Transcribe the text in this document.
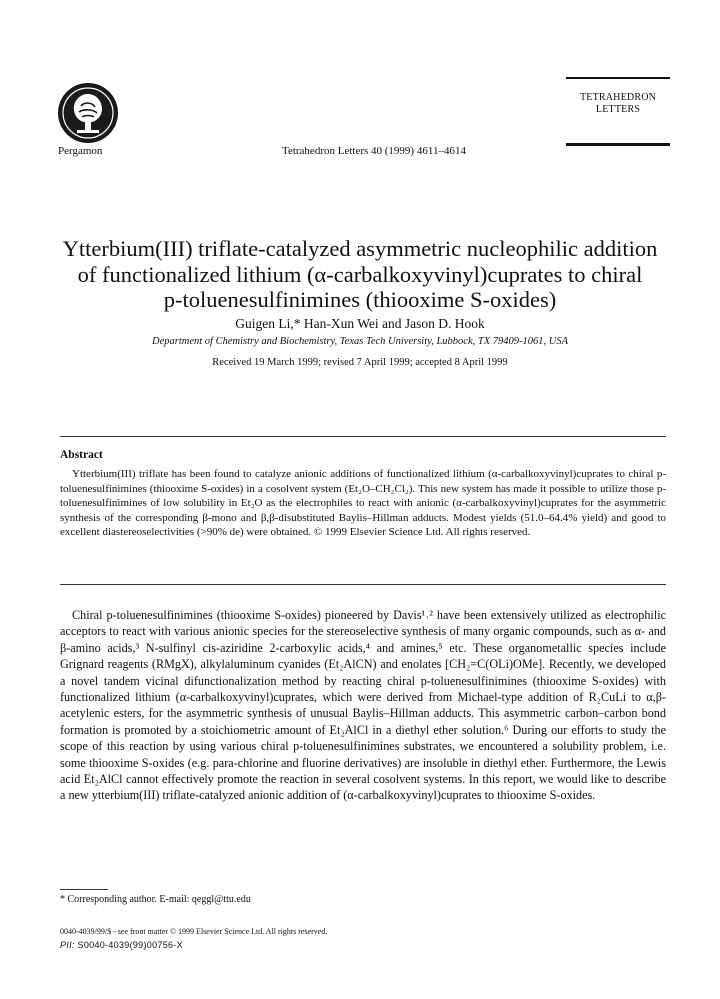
Pergamon	Tetrahedron Letters 40 (1999) 4611–4614
TETRAHEDRON
LETTERS
Ytterbium(III) triflate-catalyzed asymmetric nucleophilic addition
of functionalized lithium (α-carbalkoxyvinyl)cuprates to chiral
p-toluenesulfinimines (thiooxime S-oxides)
Guigen Li,* Han-Xun Wei and Jason D. Hook
Department of Chemistry and Biochemistry, Texas Tech University, Lubbock, TX 79409-1061, USA
Received 19 March 1999; revised 7 April 1999; accepted 8 April 1999
Abstract
Ytterbium(III) triflate has been found to catalyze anionic additions of functionalized lithium (α-carbalkoxyvinyl)cuprates to chiral p-toluenesulfinimines (thiooxime S-oxides) in a cosolvent system (Et₂O–CH₂Cl₂). This new system has made it possible to utilize those p-toluenesulfinimines of low solubility in Et₂O as the electrophiles to react with anionic (α-carbalkoxyvinyl)cuprates for the asymmetric synthesis of the corresponding β-mono and β,β-disubstituted Baylis–Hillman adducts. Modest yields (51.0–64.4% yield) and good to excellent diastereoselectivities (>90% de) were obtained. © 1999 Elsevier Science Ltd. All rights reserved.
Chiral p-toluenesulfinimines (thiooxime S-oxides) pioneered by Davis¹˒² have been extensively utilized as electrophilic acceptors to react with various anionic species for the stereoselective synthesis of many organic compounds, such as α- and β-amino acids,³ N-sulfinyl cis-aziridine 2-carboxylic acids,⁴ and amines,⁵ etc. These organometallic species include Grignard reagents (RMgX), alkylaluminum cyanides (Et₂AlCN) and enolates [CH₂=C(OLi)OMe]. Recently, we developed a novel tandem vicinal difunctionalization method by reacting chiral p-toluenesulfinimines (thiooxime S-oxides) with functionalized lithium (α-carbalkoxyvinyl)cuprates, which were derived from Michael-type addition of R₂CuLi to α,β-acetylenic esters, for the asymmetric synthesis of unusual Baylis–Hillman adducts. This asymmetric carbon–carbon bond formation is promoted by a stoichiometric amount of Et₂AlCl in a diethyl ether solution.⁶ During our efforts to study the scope of this reaction by using various chiral p-toluenesulfinimines substrates, we encountered a solubility problem, i.e. some thiooxime S-oxides (e.g. para-chlorine and fluorine derivatives) are insoluble in diethyl ether. Furthermore, the Lewis acid Et₂AlCl cannot effectively promote the reaction in several cosolvent systems. In this report, we would like to describe a new ytterbium(III) triflate-catalyzed anionic addition of (α-carbalkoxyvinyl)cuprates to thiooxime S-oxides.
* Corresponding author. E-mail: qeggl@ttu.edu
0040-4039/99/$ - see front matter © 1999 Elsevier Science Ltd. All rights reserved.
PII: S0040-4039(99)00756-X
